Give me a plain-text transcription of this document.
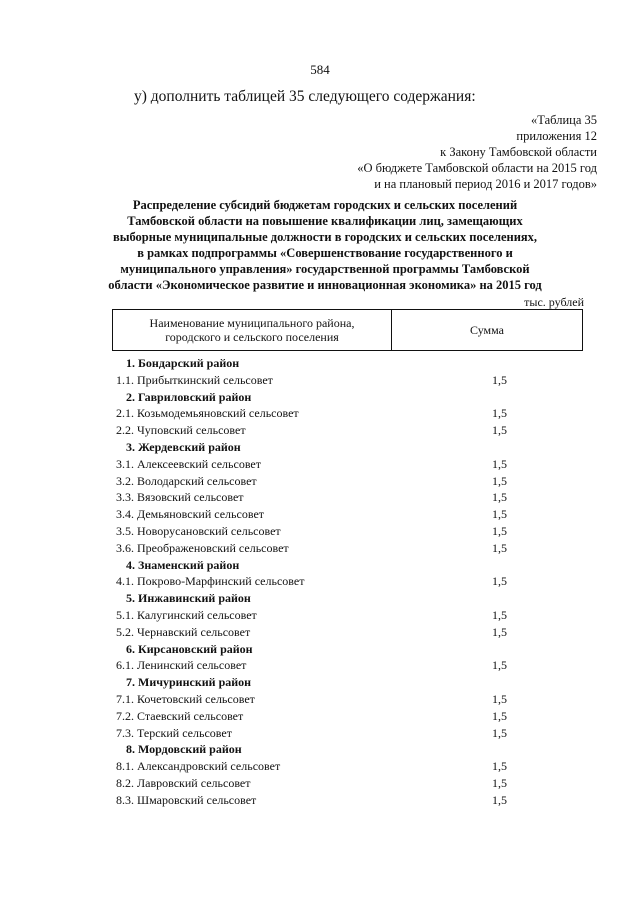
584
у) дополнить таблицей 35 следующего содержания:
«Таблица 35
приложения 12
к Закону Тамбовской области
«О бюджете Тамбовской области на 2015 год
и на плановый период 2016 и 2017 годов»
Распределение субсидий бюджетам городских и сельских поселений
Тамбовской области на повышение квалификации лиц, замещающих
выборные муниципальные должности в городских и сельских поселениях,
в рамках подпрограммы «Совершенствование государственного и
муниципального управления» государственной программы Тамбовской
области «Экономическое развитие и инновационная экономика» на 2015 год
тыс. рублей
Наименование муниципального района,
городского и сельского поселения	Сумма
1. Бондарский район
1.1. Прибыткинский сельсовет	1,5
2. Гавриловский район
2.1. Козьмодемьяновский сельсовет	1,5
2.2. Чуповский сельсовет	1,5
3. Жердевский район
3.1. Алексеевский сельсовет	1,5
3.2. Володарский сельсовет	1,5
3.3. Вязовский сельсовет	1,5
3.4. Демьяновский сельсовет	1,5
3.5. Новорусановский сельсовет	1,5
3.6. Преображеновский сельсовет	1,5
4. Знаменский район
4.1. Покрово-Марфинский сельсовет	1,5
5. Инжавинский район
5.1. Калугинский сельсовет	1,5
5.2. Чернавский сельсовет	1,5
6. Кирсановский район
6.1. Ленинский сельсовет	1,5
7. Мичуринский район
7.1. Кочетовский сельсовет	1,5
7.2. Стаевский сельсовет	1,5
7.3. Терский сельсовет	1,5
8. Мордовский район
8.1. Александровский сельсовет	1,5
8.2. Лавровский сельсовет	1,5
8.3. Шмаровский сельсовет	1,5
